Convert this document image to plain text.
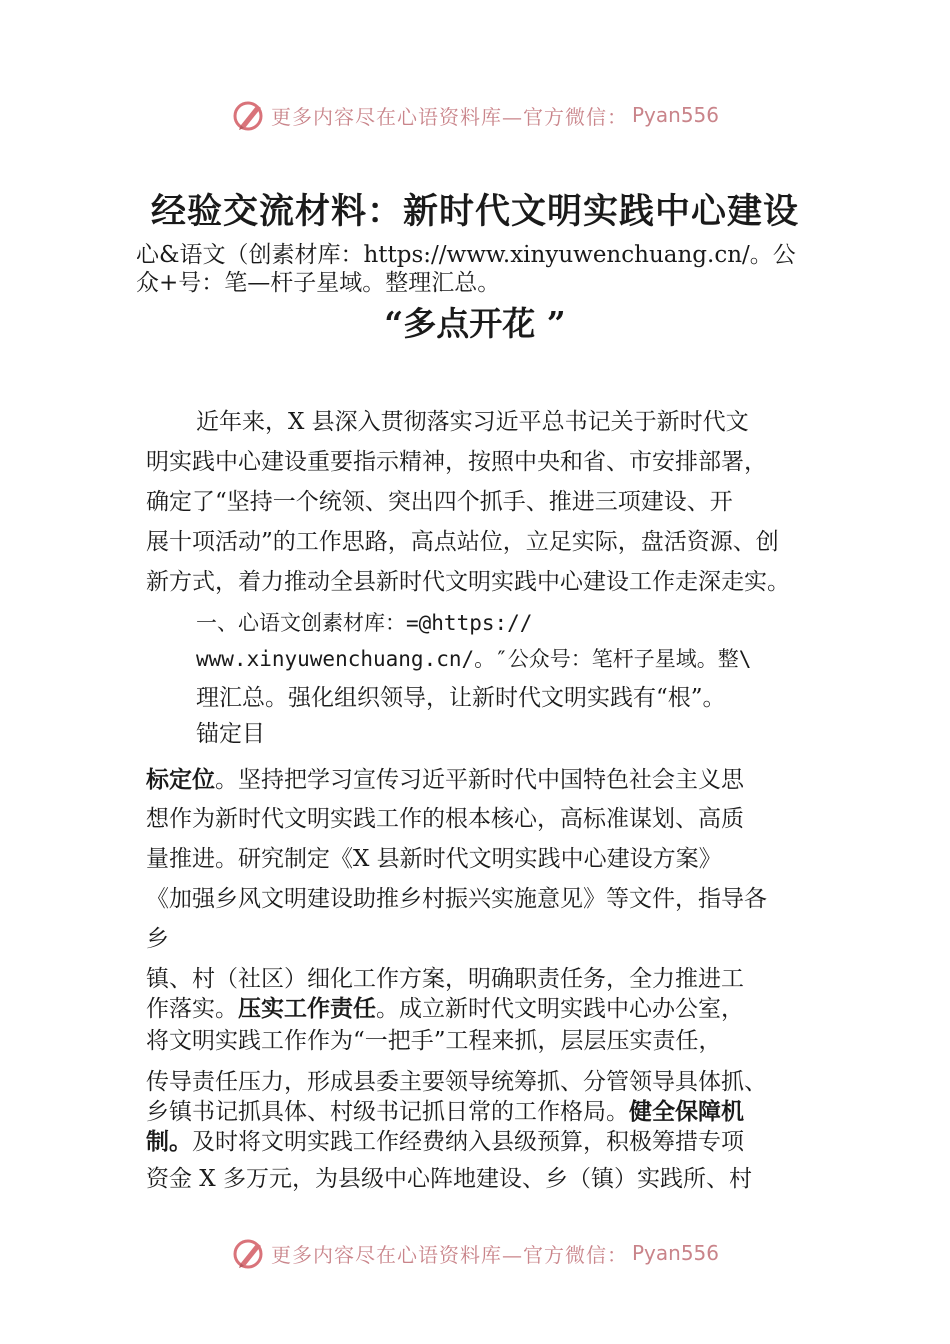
更多内容尽在心语资料库—官方微信： Pyan556
经验交流材料：新时代文明实践中心建设

心&语文（创素材库：https://www.xinyuwenchuang.cn/。公

众+号：笔—杆子星域。整理汇总。

“多点开花 ”

近年来，X 县深入贯彻落实习近平总书记关于新时代文

明实践中心建设重要指示精神，按照中央和省、市安排部署，

确定了“坚持一个统领、突出四个抓手、推进三项建设、开

展十项活动”的工作思路，高点站位，立足实际，盘活资源、创

新方式，着力推动全县新时代文明实践中心建设工作走深走实。

一、心语文创素材库：=@https://

www.xinyuwenchuang.cn/。″公众号：笔杆子星域。整\

理汇总。强化组织领导，让新时代文明实践有“根”。

锚定目

标定位。坚持把学习宣传习近平新时代中国特色社会主义思

想作为新时代文明实践工作的根本核心，高标准谋划、高质

量推进。研究制定《X 县新时代文明实践中心建设方案》

《加强乡风文明建设助推乡村振兴实施意见》等文件，指导各

乡

镇、村（社区）细化工作方案，明确职责任务，全力推进工

作落实。压实工作责任。成立新时代文明实践中心办公室，

将文明实践工作作为“一把手”工程来抓，层层压实责任，

传导责任压力，形成县委主要领导统筹抓、分管领导具体抓、

乡镇书记抓具体、村级书记抓日常的工作格局。健全保障机

制。及时将文明实践工作经费纳入县级预算，积极筹措专项

资金 X 多万元，为县级中心阵地建设、乡（镇）实践所、村

更多内容尽在心语资料库—官方微信： Pyan556
